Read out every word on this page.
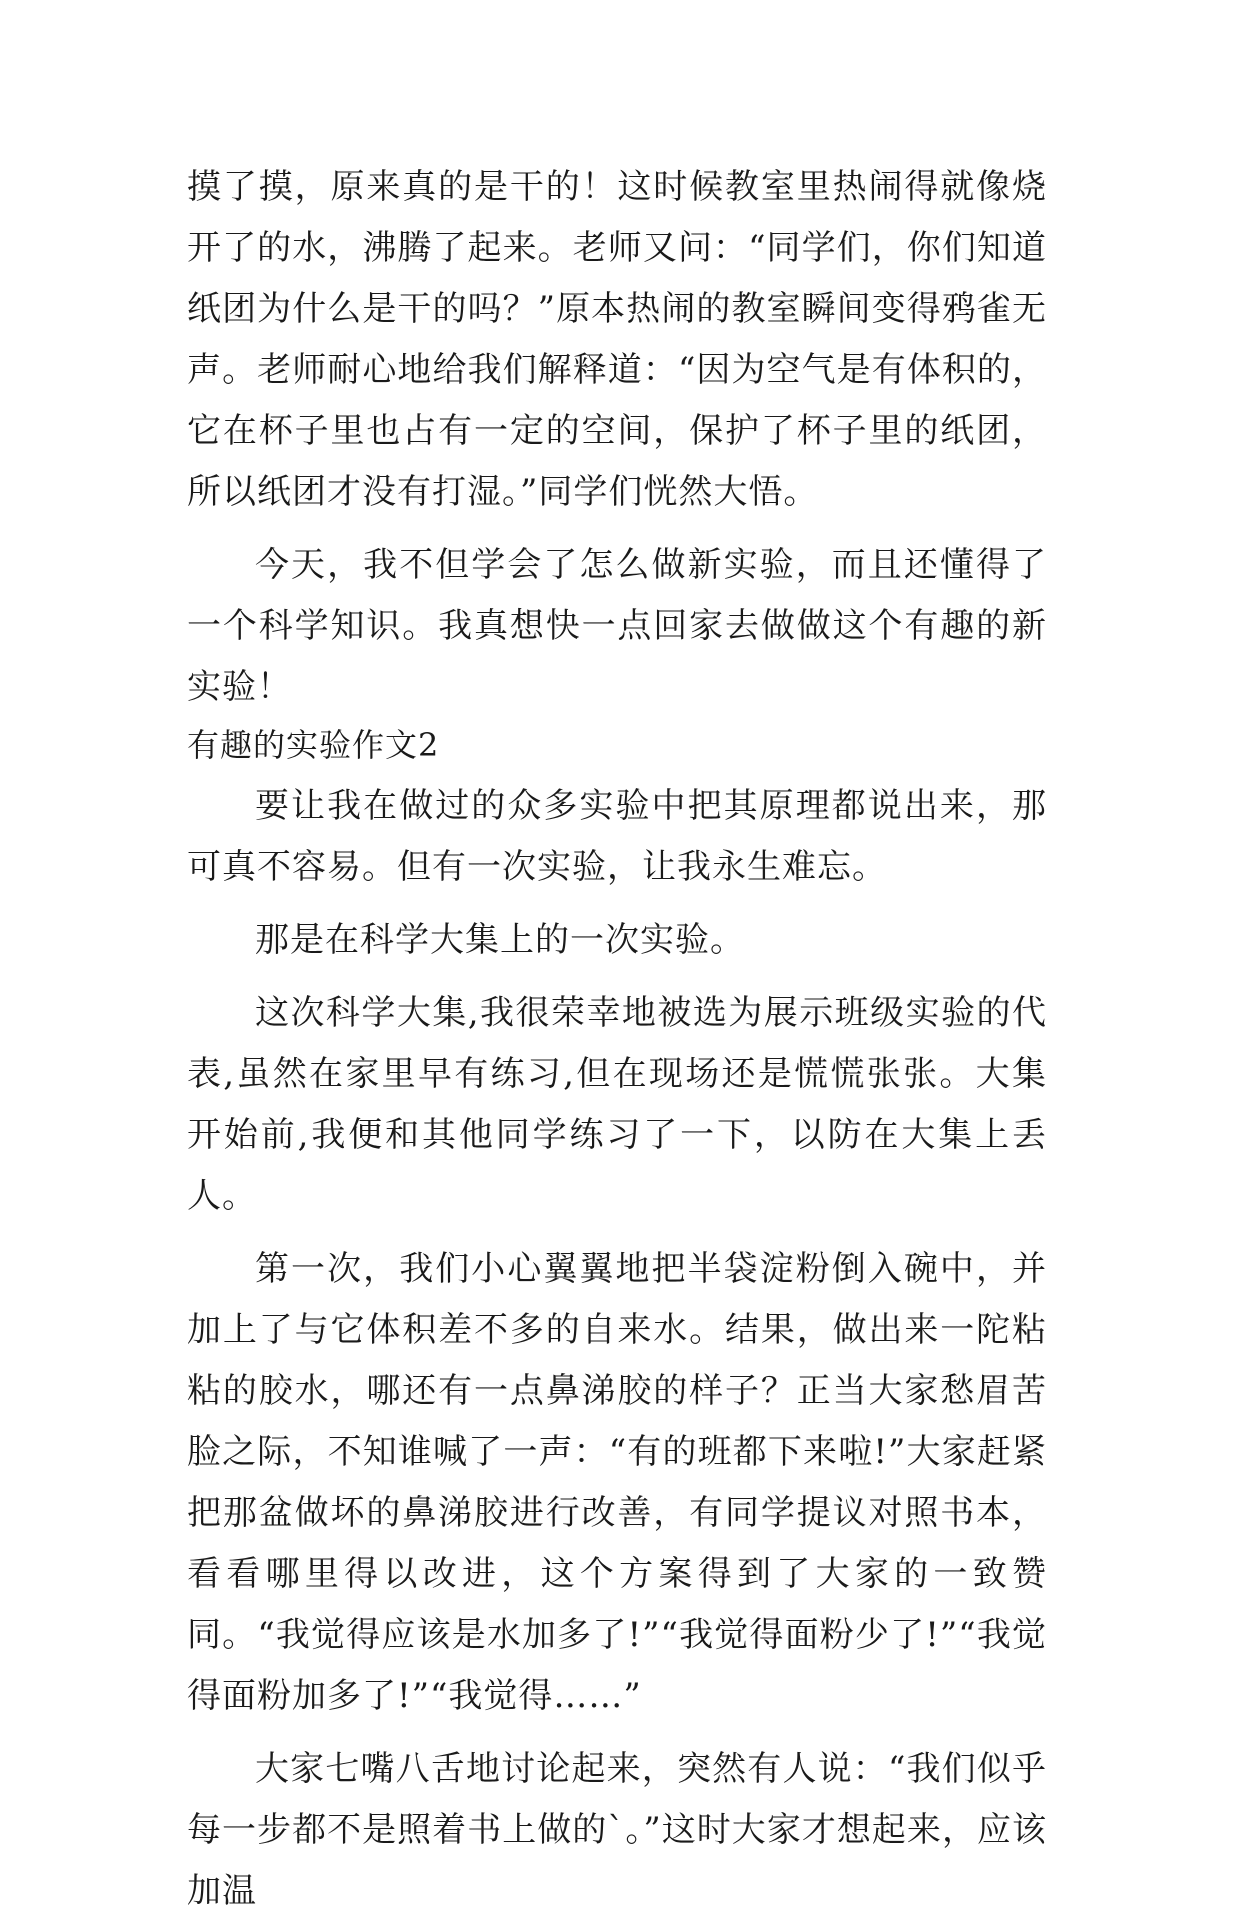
摸了摸，原来真的是干的！这时候教室里热闹得就像烧开了的水，沸腾了起来。老师又问：“同学们，你们知道纸团为什么是干的吗？”原本热闹的教室瞬间变得鸦雀无声。老师耐心地给我们解释道：“因为空气是有体积的，它在杯子里也占有一定的空间，保护了杯子里的纸团，所以纸团才没有打湿。”同学们恍然大悟。

今天，我不但学会了怎么做新实验，而且还懂得了一个科学知识。我真想快一点回家去做做这个有趣的新实验！

有趣的实验作文2

要让我在做过的众多实验中把其原理都说出来，那可真不容易。但有一次实验，让我永生难忘。

那是在科学大集上的一次实验。

这次科学大集,我很荣幸地被选为展示班级实验的代表,虽然在家里早有练习,但在现场还是慌慌张张。大集开始前,我便和其他同学练习了一下，以防在大集上丢人。

第一次，我们小心翼翼地把半袋淀粉倒入碗中，并加上了与它体积差不多的自来水。结果，做出来一陀粘粘的胶水，哪还有一点鼻涕胶的样子？正当大家愁眉苦脸之际，不知谁喊了一声：“有的班都下来啦!”大家赶紧把那盆做坏的鼻涕胶进行改善，有同学提议对照书本，看看哪里得以改进，这个方案得到了大家的一致赞同。“我觉得应该是水加多了!”“我觉得面粉少了!”“我觉得面粉加多了!”“我觉得……”

大家七嘴八舌地讨论起来，突然有人说：“我们似乎每一步都不是照着书上做的`。”这时大家才想起来，应该加温
